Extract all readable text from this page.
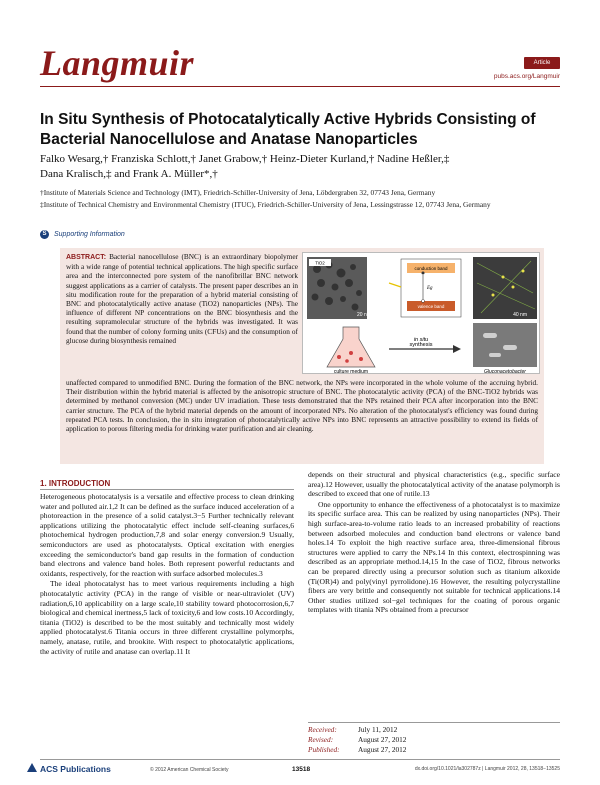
Langmuir	Article
pubs.acs.org/Langmuir
In Situ Synthesis of Photocatalytically Active Hybrids Consisting of Bacterial Nanocellulose and Anatase Nanoparticles
Falko Wesarg,† Franziska Schlott,† Janet Grabow,† Heinz-Dieter Kurland,† Nadine Heßler,‡
Dana Kralisch,‡ and Frank A. Müller*,†

†Institute of Materials Science and Technology (IMT), Friedrich-Schiller-University of Jena, Löbdergraben 32, 07743 Jena, Germany

‡Institute of Technical Chemistry and Environmental Chemistry (ITUC), Friedrich-Schiller-University of Jena, Lessingstrasse 12, 07743 Jena, Germany

S	Supporting Information
ABSTRACT: Bacterial nanocellulose (BNC) is an extraordinary biopolymer with a wide range of potential technical applications. The high specific surface area and the interconnected pore system of the nanofibrillar BNC network suggest applications as a carrier of catalysts. The present paper describes an in situ modification route for the preparation of a hybrid material consisting of BNC and photocatalytically active anatase (TiO2) nanoparticles (NPs). The influence of different NP concentrations on the BNC biosynthesis and the resulting supramolecular structure of the hybrids was investigated. It was found that the number of colony forming units (CFUs) and the consumption of glucose during biosynthesis remained
TiO2
20 nm
conduction band
valence band
Eg
40 nm
culture medium
in situ
synthesis
Gluconacetobacter
unaffected compared to unmodified BNC. During the formation of the BNC network, the NPs were incorporated in the whole volume of the accruing hybrid. Their distribution within the hybrid material is affected by the anisotropic structure of BNC. The photocatalytic activity (PCA) of the BNC-TiO2 hybrids was determined by methanol conversion (MC) under UV irradiation. These tests demonstrated that the NPs retained their PCA after incorporation into the BNC carrier structure. The PCA of the hybrid material depends on the amount of incorporated NPs. No alteration of the photocatalyst's efficiency was found during repeated PCA tests. In conclusion, the in situ integration of photocatalytically active NPs into BNC represents an attractive possibility to extend its fields of application to porous filtering media for drinking water purification and air cleaning.
1. INTRODUCTION

Heterogeneous photocatalysis is a versatile and effective process to clean drinking water and polluted air.1,2 It can be defined as the surface induced acceleration of a photoreaction in the presence of a solid catalyst.3−5 Further technically relevant applications utilizing the photocatalytic effect include self-cleaning surfaces,6 photochemical hydrogen production,7,8 and solar energy conversion.9 Usually, semiconductors are used as photocatalysts. Optical excitation with energies exceeding the semiconductor's band gap results in the formation of conduction band electrons and valence band holes. Both represent powerful reductants and oxidants, respectively, for the reaction with surface adsorbed molecules.3

The ideal photocatalyst has to meet various requirements including a high photocatalytic activity (PCA) in the range of visible or near-ultraviolet (UV) radiation,6,10 applicability on a large scale,10 stability toward photocorrosion,6,7 biological and chemical inertness,5 lack of toxicity,6 and low costs.10 Accordingly, titania (TiO2) is described to be the most suitably and technically most widely applied photocatalyst.6 Titania occurs in three different crystalline polymorphs, namely, anatase, rutile, and brookite. With respect to photocatalytic applications, the activity of rutile and anatase can overlap.11 It

depends on their structural and physical characteristics (e.g., specific surface area).12 However, usually the photocatalytical activity of the anatase polymorph is described to exceed that one of rutile.13

One opportunity to enhance the effectiveness of a photocatalyst is to maximize its specific surface area. This can be realized by using nanoparticles (NPs). Their high surface-area-to-volume ratio leads to an increased probability of reactions between adsorbed molecules and conduction band electrons or valence band holes.14 To exploit the high reactive surface area, three-dimensional fibrous structures were applied to carry the NPs.14 In this context, electrospinning was described as an appropriate method.14,15 In the case of TiO2, fibrous networks can be prepared directly using a precursor solution such as titanium alkoxide (Ti(OR)4) and poly(vinyl pyrrolidone).16 However, the resulting polycrystalline fibers are very brittle and consequently not suitable for technical applications.14 Other studies utilized sol−gel techniques for the coating of porous organic templates with titania NPs obtained from a precursor

Received:	July 11, 2012
Revised:	August 27, 2012
Published:	August 27, 2012
ACS Publications	© 2012 American Chemical Society	13518	dx.doi.org/10.1021/la302787z | Langmuir 2012, 28, 13518−13525
